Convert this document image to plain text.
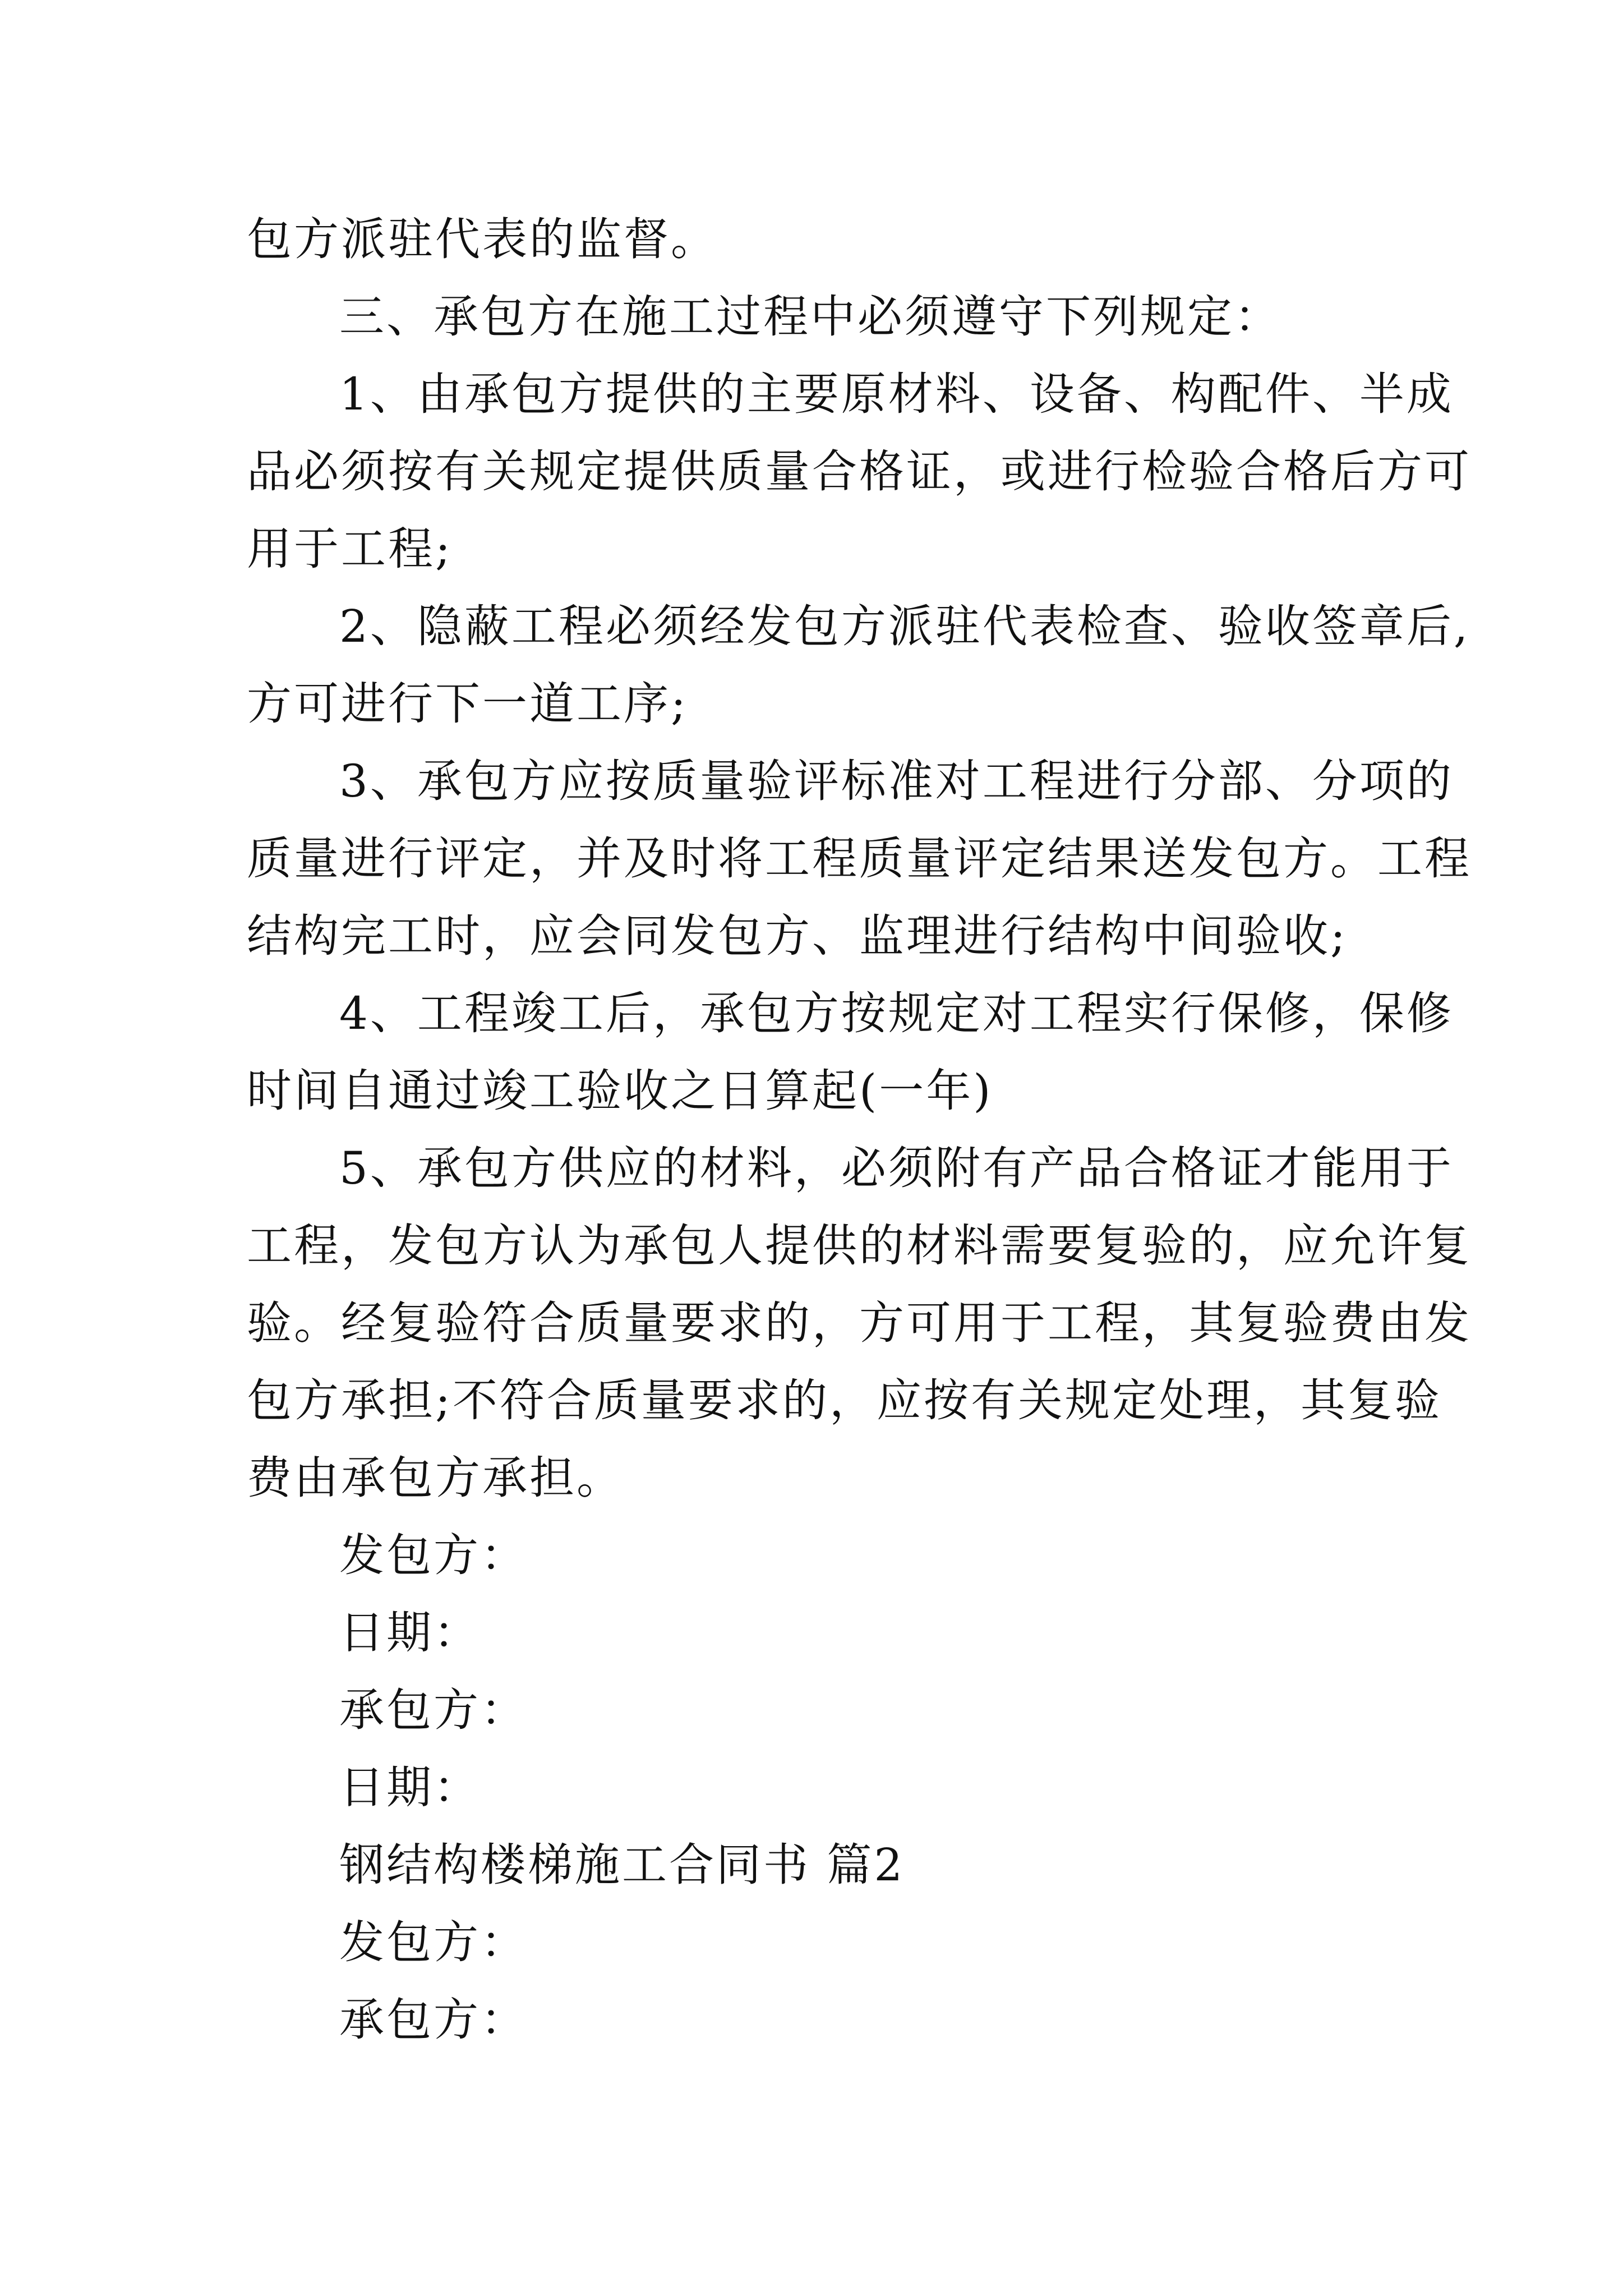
包方派驻代表的监督。
三、承包方在施工过程中必须遵守下列规定：
1、由承包方提供的主要原材料、设备、构配件、半成
品必须按有关规定提供质量合格证，或进行检验合格后方可
用于工程;
2、隐蔽工程必须经发包方派驻代表检查、验收签章后,
方可进行下一道工序;
3、承包方应按质量验评标准对工程进行分部、分项的
质量进行评定，并及时将工程质量评定结果送发包方。工程
结构完工时，应会同发包方、监理进行结构中间验收;
4、工程竣工后，承包方按规定对工程实行保修，保修
时间自通过竣工验收之日算起(一年)
5、承包方供应的材料，必须附有产品合格证才能用于
工程，发包方认为承包人提供的材料需要复验的，应允许复
验。经复验符合质量要求的，方可用于工程，其复验费由发
包方承担;不符合质量要求的，应按有关规定处理，其复验
费由承包方承担。
发包方：
日期：
承包方：
日期：
钢结构楼梯施工合同书 篇2
发包方：
承包方：
